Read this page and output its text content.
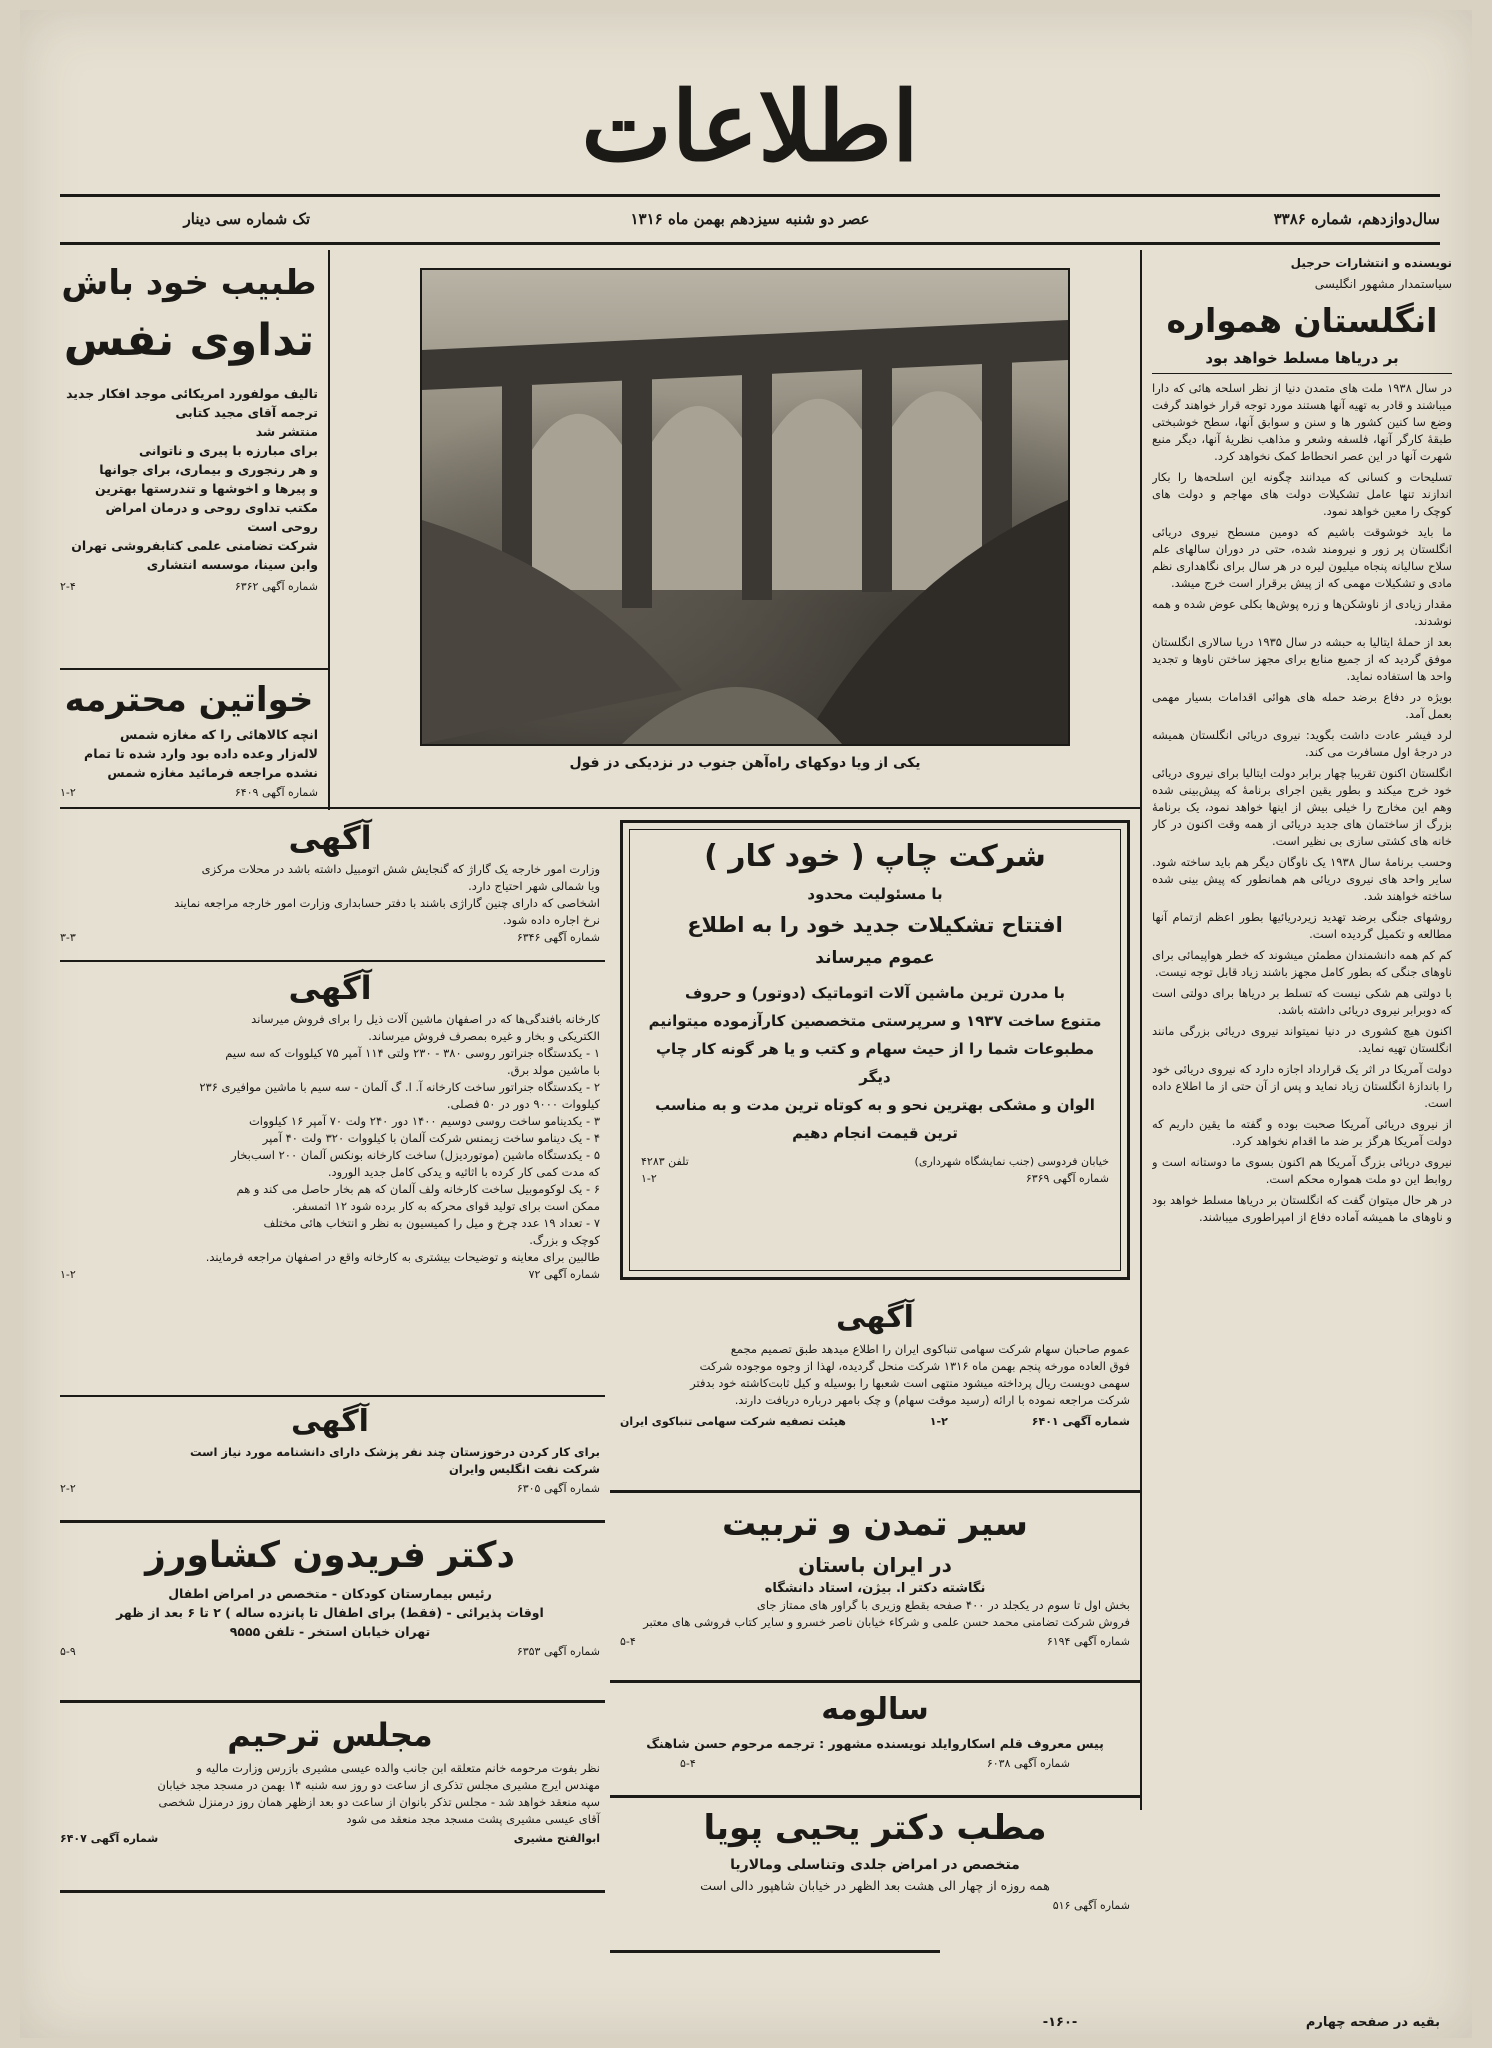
اطلاعات
سال‌دوازدهم‌، شماره ۳۳۸۶
عصر دو شنبه سیزدهم بهمن ماه ۱۳۱۶
تک شماره سی دینار
نویسنده و انتشارات حرجیل
سیاستمدار مشهور انگلیسی
انگلستان همواره
بر دریاها مسلط خواهد بود
در سال ۱۹۳۸ ملت های متمدن دنیا از نظر اسلحه هائی که دارا میباشند و قادر به تهیه آنها هستند مورد توجه قرار خواهند گرفت وضع سا کنین کشور ها و سنن و سوابق آنها، سطح خوشبختی طبقهٔ کارگر آنها، فلسفه وشعر و مذاهب نظریهٔ آنها، دیگر منبع شهرت آنها در این عصر انحطاط کمک نخواهد کرد.
تسلیحات و کسانی که میدانند چگونه این اسلحه‌ها را بکار اندازند تنها عامل تشکیلات دولت های مهاجم و دولت های کوچک را معین خواهد نمود.
ما باید خوشوقت باشیم که دومین مسطح نیروی دریائی انگلستان پر زور و نیرومند شده، حتی در دوران سالهای علم سلاح سالیانه پنجاه میلیون لیره در هر سال برای نگاهداری نظم مادی و تشکیلات مهمی که از پیش برقرار است خرج میشد.
مقدار زیادی از ناوشکن‌ها و زره‌ پوش‌ها بکلی عوض شده و همه نوشدند.
بعد از حملهٔ ایتالیا به حبشه در سال ۱۹۳۵ دریا سالاری انگلستان موفق گردید که از جمیع منابع برای مجهز ساختن ناوها و تجدید واحد ها استفاده نماید.
بویژه در دفاع برضد حمله های هوائی اقدامات بسیار مهمی بعمل آمد.
لرد فیشر عادت داشت بگوید: نیروی دریائی انگلستان همیشه در درجهٔ اول مسافرت می کند.
انگلستان اکنون تقریبا چهار برابر دولت ایتالیا برای نیروی دریائی خود خرج میکند و بطور یقین اجرای برنامهٔ که پیش‌بینی شده وهم این مخارج را خیلی بیش از اینها خواهد نمود، یک برنامهٔ بزرگ از ساختمان های جدید دریائی از همه وقت اکنون در کار خانه های کشتی سازی بی نظیر است.
وحسب برنامهٔ سال ۱۹۳۸ یک ناوگان دیگر هم باید ساخته شود. سایر واحد های نیروی دریائی هم همانطور که پیش بینی شده ساخته خواهند شد.
روشهای جنگی برضد تهدید زیردریائیها بطور اعظم ازتمام آنها مطالعه و تکمیل گردیده است.
کم کم همه دانشمندان مطمئن میشوند که خطر هواپیمائی برای ناوهای جنگی که بطور کامل مجهز باشند زیاد قابل توجه نیست.
با دولتی هم شکی نیست که تسلط بر دریاها برای دولتی است که دوبرابر نیروی دریائی داشته باشد.
اکنون هیچ کشوری در دنیا نمیتواند نیروی دریائی بزرگی مانند انگلستان تهیه نماید.
دولت آمریکا در اثر یک قرارداد اجازه دارد که نیروی دریائی خود را باندازهٔ انگلستان زیاد نماید و پس از آن حتی از ما اطلاع داده است.
از نیروی دریائی آمریکا صحبت بوده و گفته ما یقین داریم که دولت آمریکا هرگز بر ضد ما اقدام نخواهد کرد.
نیروی دریائی بزرگ آمریکا هم اکنون بسوی ما دوستانه است و روابط این دو ملت همواره محکم است.
در هر حال میتوان گفت که انگلستان بر دریاها مسلط خواهد بود و ناوهای ما همیشه آماده دفاع از امپراطوری میباشند.
بقیه در صفحه چهارم
-۱۶۰-
طبیب خود باش
تداوی نفس
تالیف مولفورد امریکائی موجد افکار جدید
ترجمه آقای مجید کتابی
منتشر شد
برای مبارزه با پیری و ناتوانی
و هر رنجوری و بیماری، برای جوانها
و پیرها و اخوشها و تندرستها بهترین
مکتب تداوی روحی و درمان امراض
روحی است
شرکت تضامنی علمی کتابفروشی تهران
وابن سینا، موسسه انتشاری
شماره آگهی ۶۳۶۲
۲-۴
خواتین محترمه
انچه کالاهائی را که مغازه شمس
لاله‌زار وعده داده بود وارد شده تا تمام
نشده مراجعه فرمائید مغازه شمس
شماره آگهی ۶۴۰۹
۱-۲
یکی از ویا دوکهای راه‌آهن جنوب در نزدیکی دز فول
آگهی
وزارت امور خارجه یک گاراژ که گنجایش شش اتومبیل داشته باشد در محلات مرکزی
ویا شمالی شهر احتیاج دارد.
اشخاصی که دارای چنین گاراژی باشند با دفتر حسابداری وزارت امور خارجه مراجعه نمایند
نرخ اجاره داده شود.
شماره آگهی ۶۳۴۶
۳-۳
آگهی
کارخانه بافندگی‌ها که در اصفهان ماشین آلات ذیل را برای فروش میرساند
الکتریکی و بخار و غیره بمصرف فروش میرساند.
۱ - یکدستگاه جنراتور روسی ۳۸۰ - ۲۳۰ ولتی ۱۱۴ آمپر ۷۵ کیلووات که سه سیم
با ماشین مولد برق.
۲ - یکدستگاه جنراتور ساخت کارخانه آ. ا. گ آلمان - سه سیم با ماشین موافیری ۲۳۶
کیلووات ۹۰۰۰ دور در ۵۰ فصلی.
۳ - یکدینامو ساخت روسی دوسیم ۱۴۰۰ دور ۲۴۰ ولت ۷۰ آمپر ۱۶ کیلووات
۴ - یک دینامو ساخت زیمنس شرکت آلمان با کیلووات ۳۲۰ ولت ۴۰ آمپر
۵ - یکدستگاه ماشین (موتوردیزل) ساخت کارخانه بونکس آلمان ۲۰۰ اسب‌بخار
که مدت کمی کار کرده با اثاثیه و یدکی کامل جدید الورود.
۶ - یک لوکوموبیل ساخت کارخانه ولف آلمان که هم بخار حاصل می کند و هم
ممکن است برای تولید قوای محرکه به کار برده شود ۱۲ اتمسفر.
۷ - تعداد ۱۹ عدد چرخ و میل را کمیسیون به نظر و انتخاب هائی مختلف
کوچک و بزرگ.
طالبین برای معاینه و توضیحات بیشتری به کارخانه واقع در اصفهان مراجعه فرمایند.
شماره آگهی ۷۲
۱-۲
آگهی
برای کار کردن درخوزستان چند نفر پزشک دارای دانشنامه مورد نیاز است
شرکت نفت انگلیس وایران
شماره آگهی ۶۳۰۵
۲-۲
دکتر فریدون کشاورز
رئیس بیمارستان کودکان - متخصص در امراض اطفال
اوقات پذیرائی - (فقط) برای اطفال تا پانزده ساله ) ۲ تا ۶ بعد از ظهر
تهران خیابان استخر - تلفن ۹۵۵۵
شماره آگهی ۶۳۵۳
۵-۹
مجلس ترحیم
نظر بفوت مرحومه خانم متعلقه ابن جانب والده عیسی مشیری بازرس وزارت مالیه و
مهندس ایرج مشیری مجلس تذکری از ساعت دو روز سه شنبه ۱۴ بهمن در مسجد مجد خیابان
سپه منعقد خواهد شد - مجلس تذکر بانوان از ساعت دو بعد ازظهر همان روز درمنزل شخصی
آقای عیسی مشیری پشت مسجد مجد منعقد می شود
ابوالفتح مشیری
شماره آگهی ۶۴۰۷
شرکت چاپ ( خود کار )
با مسئولیت محدود
افتتاح تشکیلات جدید خود را به اطلاع
عموم میرساند
با مدرن ترین ماشین آلات اتوماتیک (دوتور) و حروف
متنوع ساخت ۱۹۳۷ و سرپرستی متخصصین کارآزموده میتوانیم
مطبوعات شما را از حیث سهام و کتب و یا هر گونه کار چاپ دیگر
الوان و مشکی بهترین نحو و به کوتاه ترین مدت و به مناسب
ترین قیمت انجام دهیم
خیابان فردوسی (جنب نمایشگاه شهرداری)
تلفن ۴۲۸۳
شماره آگهی ۶۳۶۹
۱-۲
آگهی
عموم صاحبان سهام شرکت سهامی تنباکوی ایران را اطلاع میدهد طبق تصمیم مجمع
فوق العاده مورخه پنجم بهمن ماه ۱۳۱۶ شرکت منحل گردیده، لهذا از وجوه موجوده شرکت
سهمی دویست ریال پرداخته میشود منتهی است شعبها را بوسیله و کیل ثابت‌کاشته خود بدفتر
شرکت مراجعه نموده با ارائه (رسید موقت سهام) و چک بامهر درباره دریافت دارند.
شماره آگهی ۶۴۰۱
۱-۲
هیئت تصفیه شرکت سهامی تنباکوی ایران
سیر تمدن و تربیت
در ایران باستان
نگاشته دکتر ا. بیژن، استاد دانشگاه
بخش اول تا سوم در یکجلد در ۴۰۰ صفحه بقطع وزیری با گراور های ممتاز جای
فروش شرکت تضامنی محمد حسن علمی و شرکاء خیابان ناصر خسرو و سایر کتاب فروشی های معتبر
شماره آگهی ۶۱۹۴
۵-۴
سالومه
پیس معروف قلم اسکاروایلد نویسنده مشهور : ترجمه مرحوم حسن شاهنگ
شماره آگهی ۶۰۳۸
۵-۴
مطب دکتر یحیی پویا
متخصص در امراض جلدی وتناسلی ومالاریا
همه روزه از چهار الی هشت بعد الظهر در خیابان شاهپور دالی است
شماره آگهی ۵۱۶
